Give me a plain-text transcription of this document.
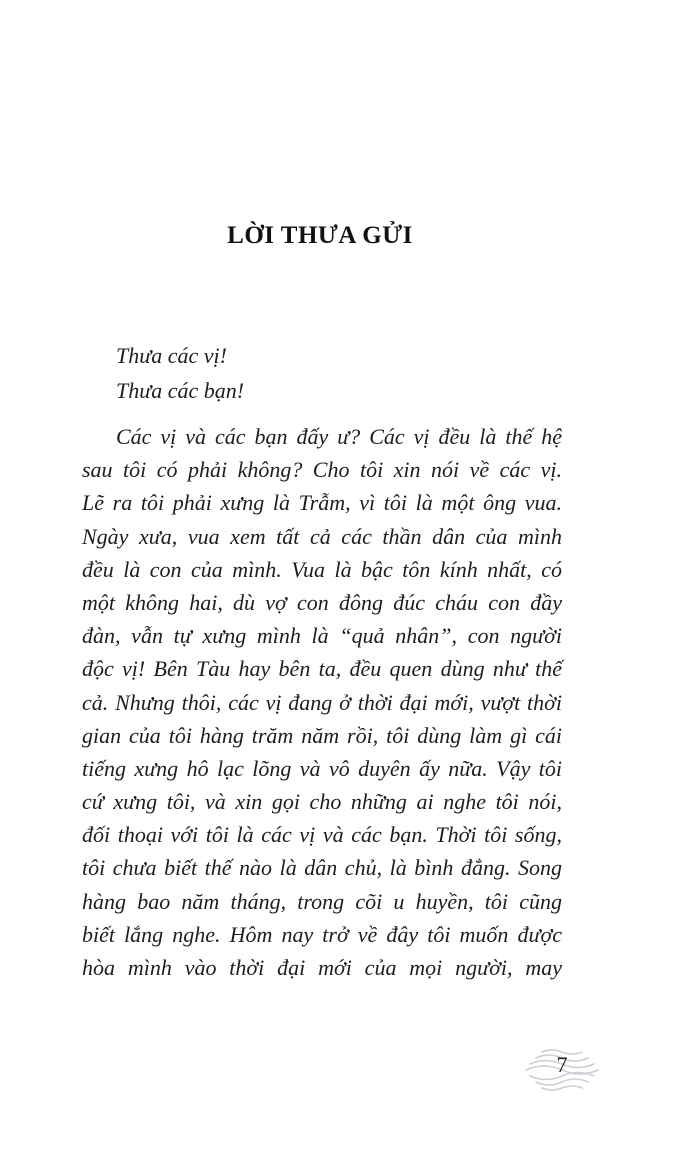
LỜI THƯA GỬI
Thưa các vị!
Thưa các bạn!
Các vị và các bạn đấy ư? Các vị đều là thế hệ
sau tôi có phải không? Cho tôi xin nói về các vị.
Lẽ ra tôi phải xưng là Trẫm, vì tôi là một ông vua.
Ngày xưa, vua xem tất cả các thần dân của mình
đều là con của mình. Vua là bậc tôn kính nhất, có
một không hai, dù vợ con đông đúc cháu con đầy
đàn, vẫn tự xưng mình là “quả nhân”, con người
độc vị! Bên Tàu hay bên ta, đều quen dùng như thế
cả. Nhưng thôi, các vị đang ở thời đại mới, vượt thời
gian của tôi hàng trăm năm rồi, tôi dùng làm gì cái
tiếng xưng hô lạc lõng và vô duyên ấy nữa. Vậy tôi
cứ xưng tôi, và xin gọi cho những ai nghe tôi nói,
đối thoại với tôi là các vị và các bạn. Thời tôi sống,
tôi chưa biết thế nào là dân chủ, là bình đẳng. Song
hàng bao năm tháng, trong cõi u huyền, tôi cũng
biết lắng nghe. Hôm nay trở về đây tôi muốn được
hòa mình vào thời đại mới của mọi người, may
7
